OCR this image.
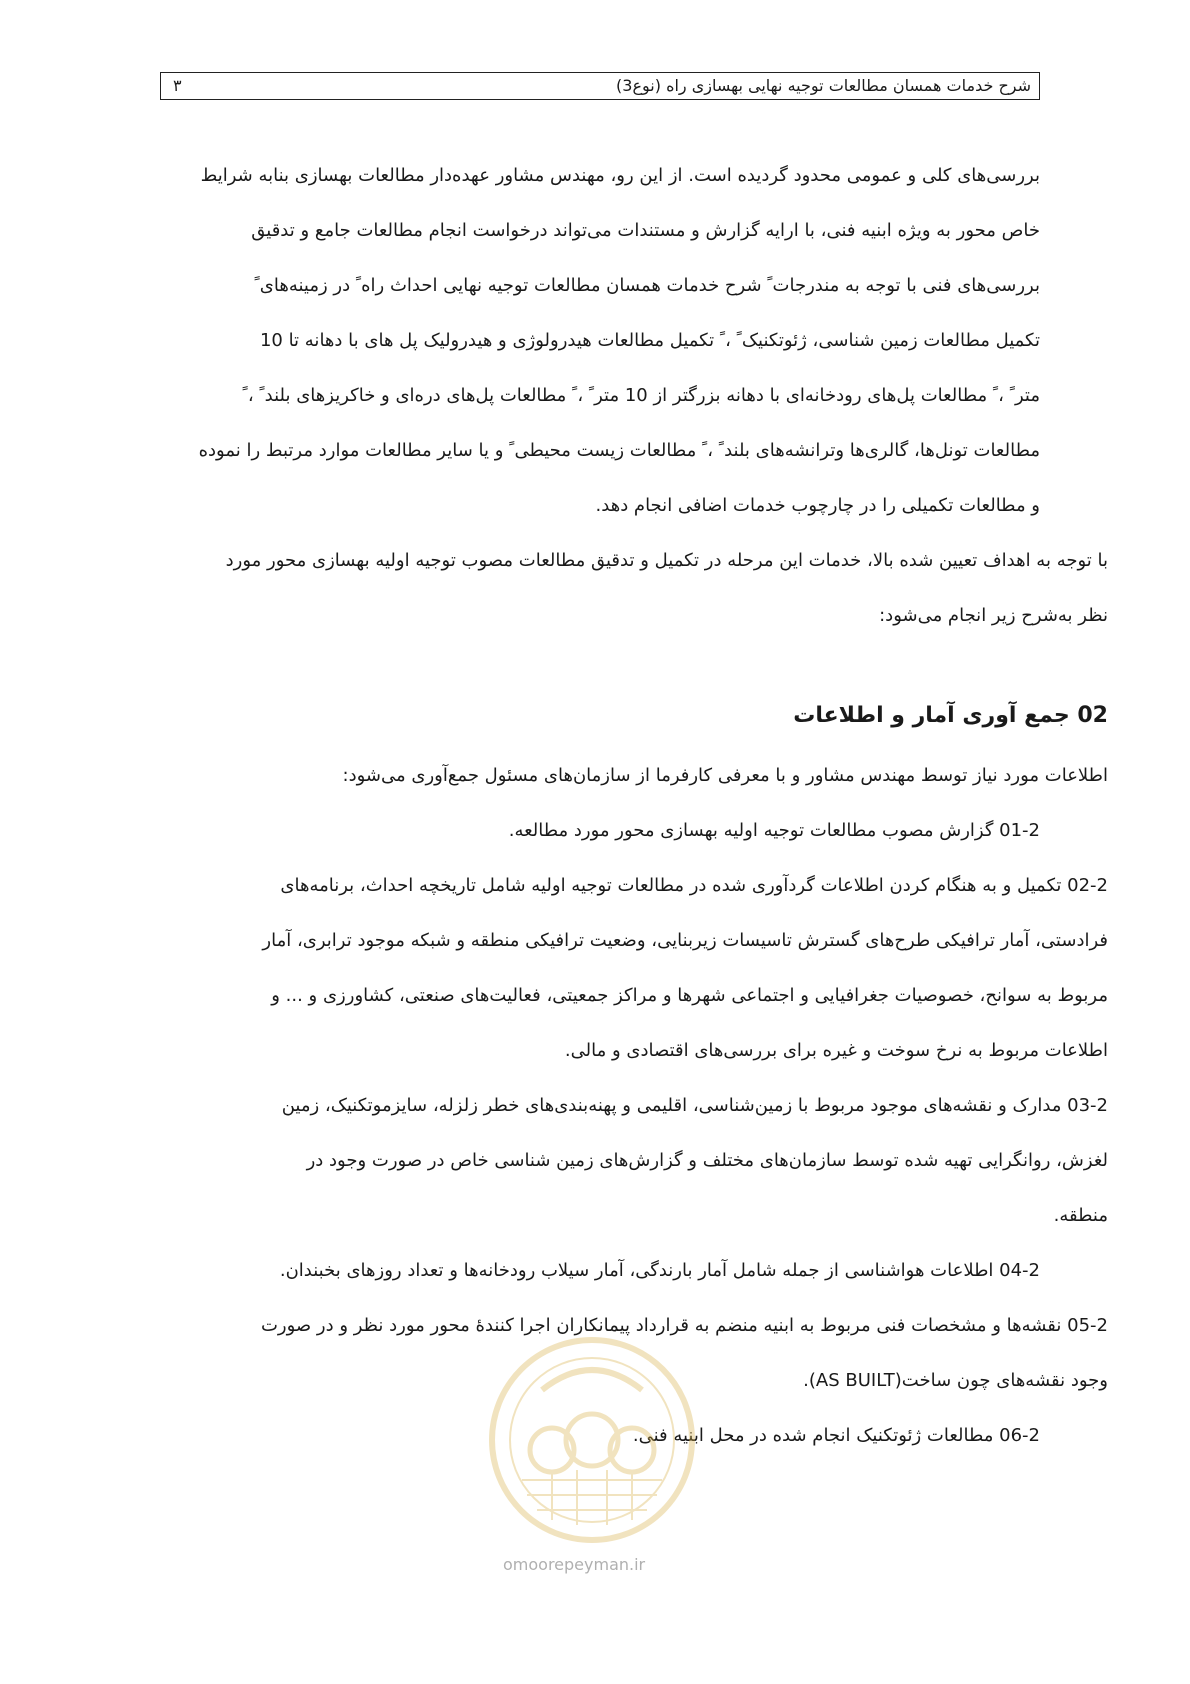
شرح خدمات همسان مطالعات توجیه نهایی بهسازی راه (نوع3)
۳
بررسی‌های کلی و عمومی محدود گردیده است. از این رو، مهندس مشاور عهده‌دار مطالعات بهسازی بنابه شرایط
خاص محور به ویژه ابنیه فنی، با ارایه گزارش و مستندات می‌تواند درخواست انجام مطالعات جامع و تدقیق
بررسی‌های فنی با توجه به مندرجات ً شرح خدمات همسان مطالعات توجیه نهایی احداث راه ً در زمینه‌های ً
تکمیل مطالعات زمین شناسی، ژئوتکنیک ً ، ً تکمیل مطالعات هیدرولوژی و هیدرولیک پل های با دهانه تا 10
متر ً ، ً مطالعات پل‌های رودخانه‌ای با دهانه بزرگتر از 10 متر ً ، ً مطالعات پل‌های دره‌ای و خاکریزهای بلند ً ، ً
مطالعات تونل‌ها، گالری‌ها وترانشه‌های بلند ً ، ً مطالعات زیست محیطی ً و یا سایر مطالعات موارد مرتبط را نموده
و مطالعات تکمیلی را در چارچوب خدمات اضافی انجام دهد.
با توجه به اهداف تعیین شده بالا، خدمات این مرحله در تکمیل و تدقیق مطالعات مصوب توجیه اولیه بهسازی محور مورد
نظر به‌شرح زیر انجام می‌شود:
02 جمع آوری آمار و اطلاعات
اطلاعات مورد نیاز توسط مهندس مشاور و با معرفی کارفرما از سازمان‌های مسئول جمع‌آوری می‌شود:
01-2 گزارش مصوب مطالعات توجیه اولیه بهسازی محور مورد مطالعه.
02-2 تکمیل و به هنگام کردن اطلاعات گردآوری شده در مطالعات توجیه اولیه شامل تاریخچه احداث، برنامه‌های
فرادستی، آمار ترافیکی طرح‌های گسترش تاسیسات زیربنایی، وضعیت ترافیکی منطقه و شبکه موجود ترابری، آمار
مربوط به سوانح، خصوصیات جغرافیایی و اجتماعی شهرها و مراکز جمعیتی، فعالیت‌های صنعتی، کشاورزی و ... و
اطلاعات مربوط به نرخ سوخت و غیره برای بررسی‌های اقتصادی و مالی.
03-2 مدارک و نقشه‌های موجود مربوط با زمین‌شناسی، اقلیمی و پهنه‌بندی‌های خطر زلزله، سایزموتکنیک، زمین
لغزش، روانگرایی تهیه شده توسط سازمان‌های مختلف و گزارش‌های زمین شناسی خاص در صورت وجود در
منطقه.
04-2 اطلاعات هواشناسی از جمله شامل آمار بارندگی، آمار سیلاب رودخانه‌ها و تعداد روزهای بخبندان.
05-2 نقشه‌ها و مشخصات فنی مربوط به ابنیه منضم به قرارداد پیمانکاران اجرا کنندهٔ محور مورد نظر و در صورت
وجود نقشه‌های چون ساخت(AS BUILT).
06-2 مطالعات ژئوتکنیک انجام شده در محل ابنیه فنی.
omoorepeyman.ir
